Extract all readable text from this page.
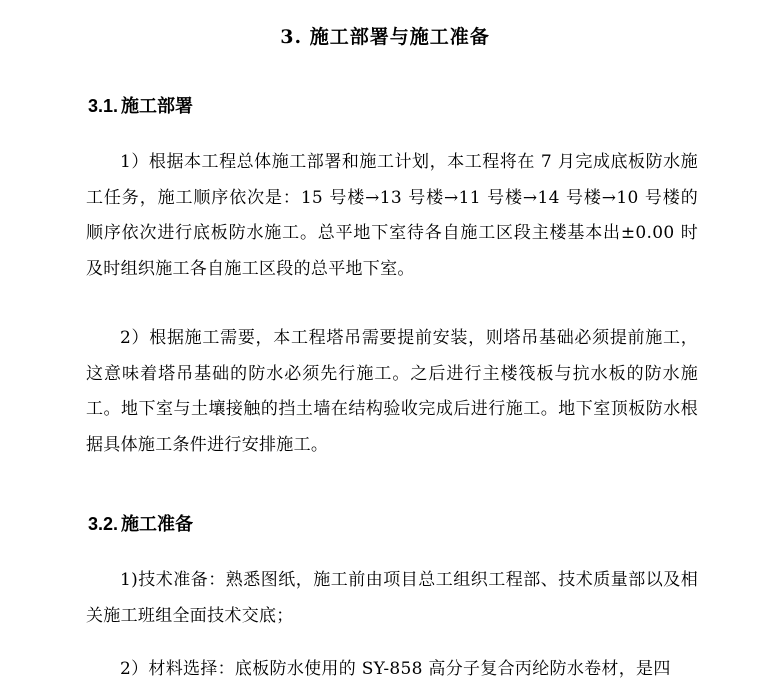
3. 施工部署与施工准备
3.1. 施工部署

1）根据本工程总体施工部署和施工计划，本工程将在 7 月完成底板防水施工任务，施工顺序依次是：15 号楼→13 号楼→11 号楼→14 号楼→10 号楼的顺序依次进行底板防水施工。总平地下室待各自施工区段主楼基本出±0.00 时及时组织施工各自施工区段的总平地下室。

2）根据施工需要，本工程塔吊需要提前安装，则塔吊基础必须提前施工，这意味着塔吊基础的防水必须先行施工。之后进行主楼筏板与抗水板的防水施工。地下室与土壤接触的挡土墙在结构验收完成后进行施工。地下室顶板防水根据具体施工条件进行安排施工。

3.2. 施工准备

1)技术准备：熟悉图纸，施工前由项目总工组织工程部、技术质量部以及相关施工班组全面技术交底；

2）材料选择：底板防水使用的 SY-858 高分子复合丙纶防水卷材，是四
